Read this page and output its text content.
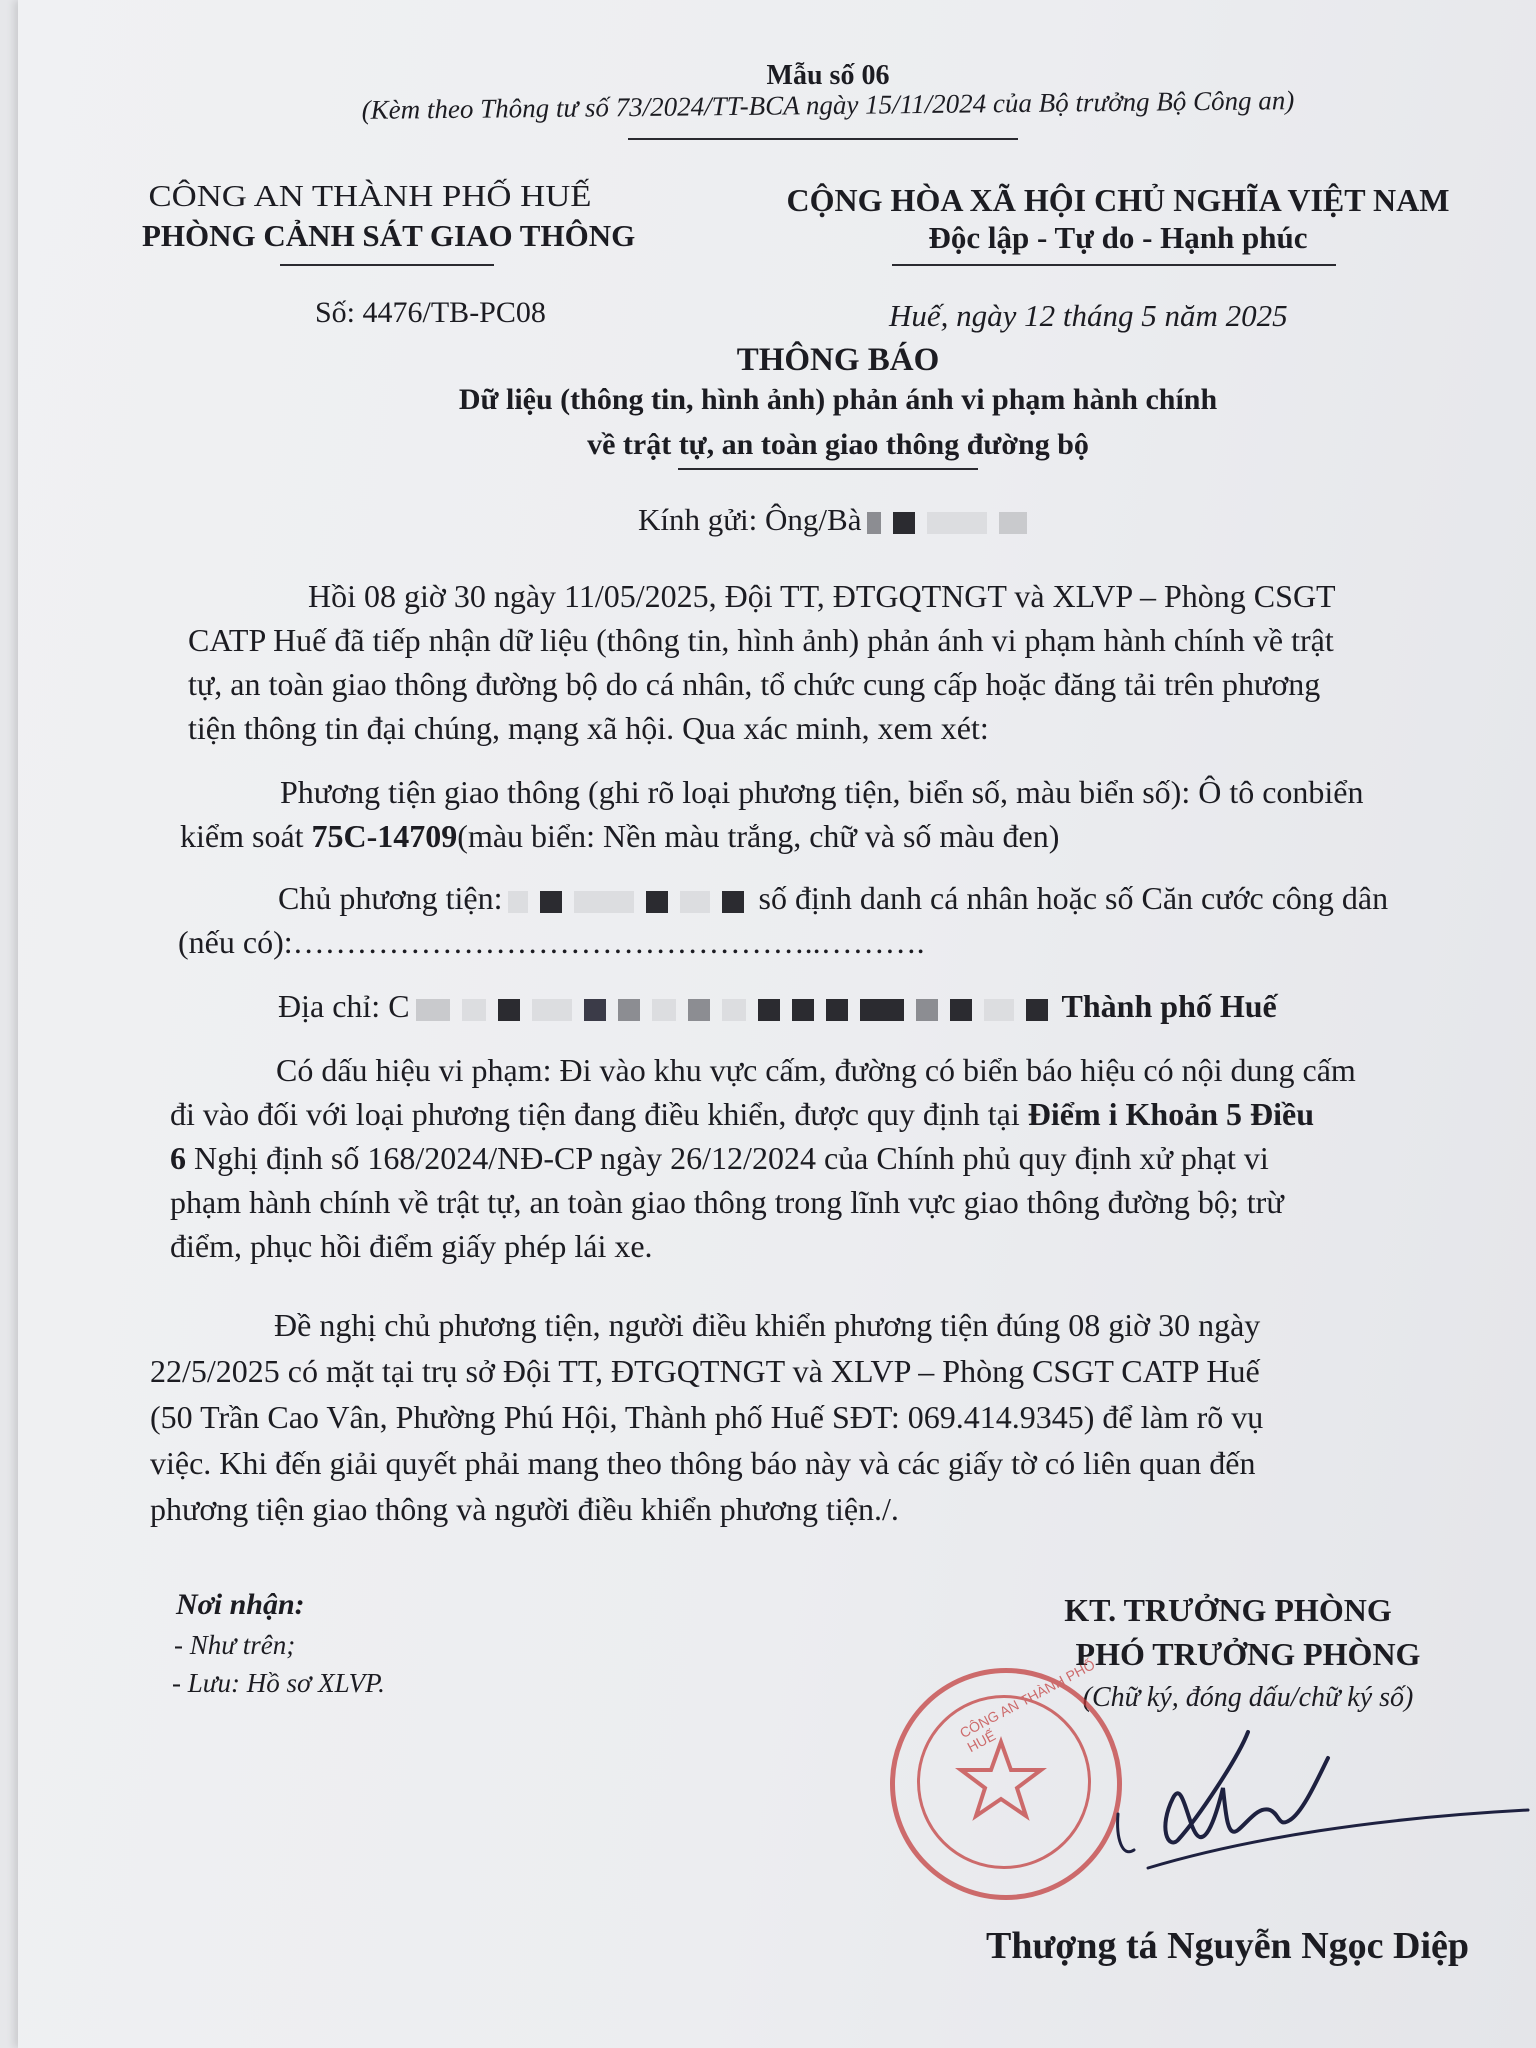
Mẫu số 06
(Kèm theo Thông tư số 73/2024/TT-BCA ngày 15/11/2024 của Bộ trưởng Bộ Công an)
CÔNG AN THÀNH PHỐ HUẾ
PHÒNG CẢNH SÁT GIAO THÔNG
Số: 4476/TB-PC08
CỘNG HÒA XÃ HỘI CHỦ NGHĨA VIỆT NAM
Độc lập - Tự do - Hạnh phúc
Huế, ngày 12 tháng 5 năm 2025
THÔNG BÁO
Dữ liệu (thông tin, hình ảnh) phản ánh vi phạm hành chính
về trật tự, an toàn giao thông đường bộ
Kính gửi: Ông/Bà
Hồi 08 giờ 30 ngày 11/05/2025, Đội TT, ĐTGQTNGT và XLVP – Phòng CSGT
CATP Huế đã tiếp nhận dữ liệu (thông tin, hình ảnh) phản ánh vi phạm hành chính về trật
tự, an toàn giao thông đường bộ do cá nhân, tổ chức cung cấp hoặc đăng tải trên phương
tiện thông tin đại chúng, mạng xã hội. Qua xác minh, xem xét:
Phương tiện giao thông (ghi rõ loại phương tiện, biển số, màu biển số): Ô tô conbiển
kiểm soát 75C-14709(màu biển: Nền màu trắng, chữ và số màu đen)
Chủ phương tiện:	số định danh cá nhân hoặc số Căn cước công dân
(nếu có):…………………………………………..……….
Địa chỉ: C	Thành phố Huế
Có dấu hiệu vi phạm: Đi vào khu vực cấm, đường có biển báo hiệu có nội dung cấm
đi vào đối với loại phương tiện đang điều khiển, được quy định tại Điểm i Khoản 5 Điều
6 Nghị định số 168/2024/NĐ-CP ngày 26/12/2024 của Chính phủ quy định xử phạt vi
phạm hành chính về trật tự, an toàn giao thông trong lĩnh vực giao thông đường bộ; trừ
điểm, phục hồi điểm giấy phép lái xe.
Đề nghị chủ phương tiện, người điều khiển phương tiện đúng 08 giờ 30 ngày
22/5/2025 có mặt tại trụ sở Đội TT, ĐTGQTNGT và XLVP – Phòng CSGT CATP Huế
(50 Trần Cao Vân, Phường Phú Hội, Thành phố Huế SĐT: 069.414.9345) để làm rõ vụ
việc. Khi đến giải quyết phải mang theo thông báo này và các giấy tờ có liên quan đến
phương tiện giao thông và người điều khiển phương tiện./.
Nơi nhận:
- Như trên;
- Lưu: Hồ sơ XLVP.
KT. TRƯỞNG PHÒNG
PHÓ TRƯỞNG PHÒNG
(Chữ ký, đóng dấu/chữ ký số)
CÔNG AN THÀNH PHỐ HUẾ
Thượng tá Nguyễn Ngọc Diệp
